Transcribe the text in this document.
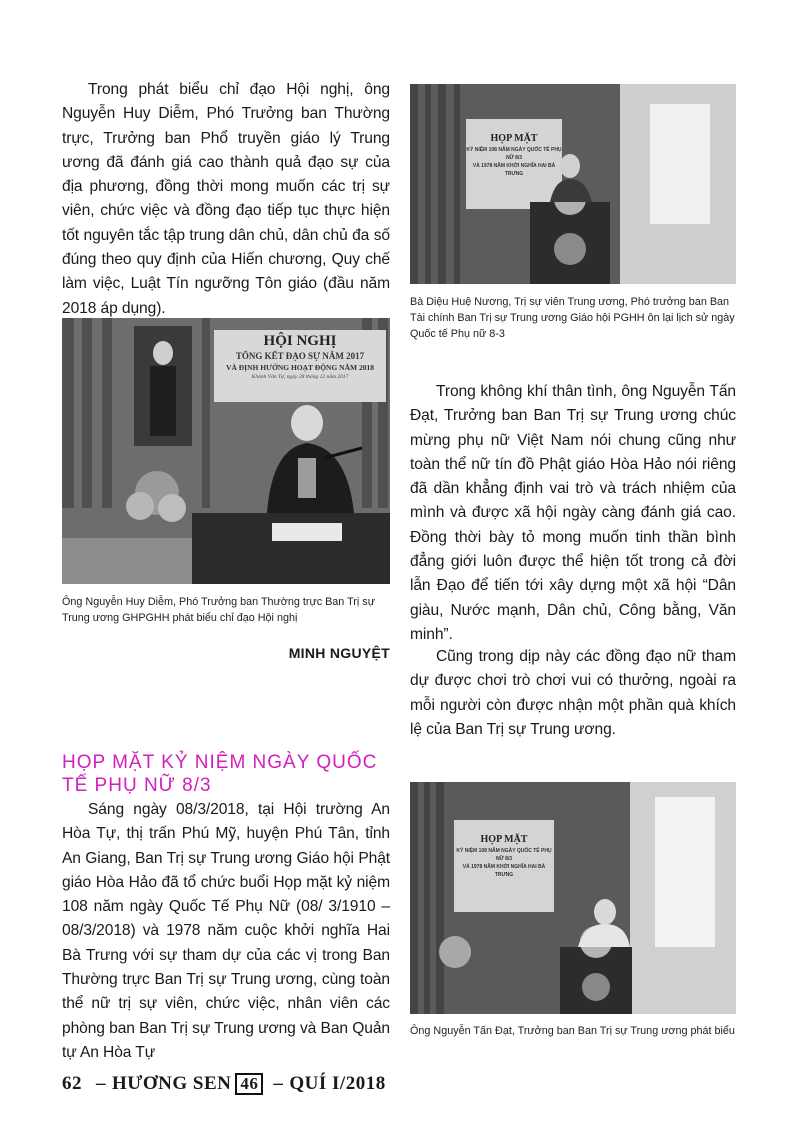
Trong phát biểu chỉ đạo Hội nghị, ông Nguyễn Huy Diễm, Phó Trưởng ban Thường trực, Trưởng ban Phổ truyền giáo lý Trung ương đã đánh giá cao thành quả đạo sự của địa phương, đồng thời mong muốn các trị sự viên, chức việc và đồng đạo tiếp tục thực hiện tốt nguyên tắc tập trung dân chủ, dân chủ đa số đúng theo quy định của Hiến chương, Quy chế làm việc, Luật Tín ngưỡng Tôn giáo (đầu năm 2018 áp dụng).

HỘI NGHỊ
TỔNG KẾT ĐẠO SỰ NĂM 2017
VÀ ĐỊNH HƯỚNG HOẠT ĐỘNG NĂM 2018
Khánh Vân Tự, ngày 28 tháng 12 năm 2017

Ông Nguyễn Huy Diễm, Phó Trưởng ban Thường trực Ban Trị sự Trung ương GHPGHH phát biểu chỉ đạo Hội nghị

MINH NGUYỆT
HỌP MẶT KỶ NIỆM NGÀY QUỐC TẾ PHỤ NỮ 8/3

Sáng ngày 08/3/2018, tại Hội trường An Hòa Tự, thị trấn Phú Mỹ, huyện Phú Tân, tỉnh An Giang, Ban Trị sự Trung ương Giáo hội Phật giáo Hòa Hảo đã tổ chức buổi Họp mặt kỷ niệm 108 năm ngày Quốc Tế Phụ Nữ (08/ 3/1910 – 08/3/2018) và 1978 năm cuộc khởi nghĩa Hai Bà Trưng với sự tham dự của các vị trong Ban Thường trực Ban Trị sự Trung ương, cùng toàn thể nữ trị sự viên, chức việc, nhân viên các phòng ban Ban Trị sự Trung ương và Ban Quản tự An Hòa Tự

HỌP MẶT
KỶ NIỆM 108 NĂM NGÀY QUỐC TẾ PHỤ NỮ 8/3
VÀ 1978 NĂM KHỞI NGHĨA HAI BÀ TRƯNG

Bà Diệu Huệ Nương, Trị sự viên Trung ương, Phó trưởng ban Ban Tài chính Ban Trị sự Trung ương Giáo hội PGHH ôn lại lịch sử ngày Quốc tế Phụ nữ 8-3

Trong không khí thân tình, ông Nguyễn Tấn Đạt, Trưởng ban Ban Trị sự Trung ương chúc mừng phụ nữ Việt Nam nói chung cũng như toàn thể nữ tín đồ Phật giáo Hòa Hảo nói riêng đã dần khẳng định vai trò và trách nhiệm của mình và được xã hội ngày càng đánh giá cao. Đồng thời bày tỏ mong muốn tinh thần bình đẳng giới luôn được thể hiện tốt trong cả đời lẫn Đạo để tiến tới xây dựng một xã hội “Dân giàu, Nước mạnh, Dân chủ, Công bằng, Văn minh”.

Cũng trong dịp này các đồng đạo nữ tham dự được chơi trò chơi vui có thưởng, ngoài ra mỗi người còn được nhận một phần quà khích lệ của Ban Trị sự Trung ương.

HỌP MẶT
KỶ NIỆM 108 NĂM NGÀY QUỐC TẾ PHỤ NỮ 8/3
VÀ 1978 NĂM KHỞI NGHĨA HAI BÀ TRƯNG

Ông Nguyễn Tấn Đạt, Trưởng ban Ban Trị sự Trung ương phát biểu

62 – HƯƠNG SEN 46 – QUÍ I/2018
